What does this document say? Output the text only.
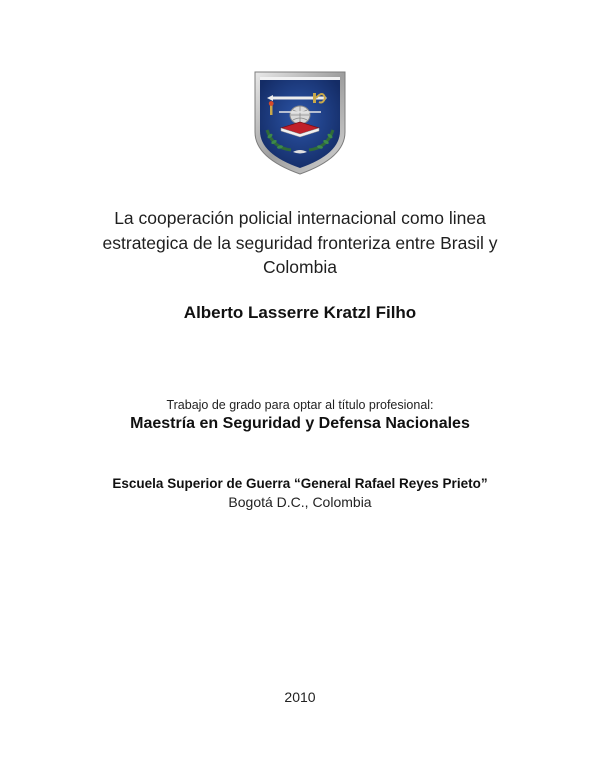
La cooperación policial internacional como linea
estrategica de la seguridad fronteriza entre Brasil y
Colombia
Alberto Lasserre Kratzl Filho
Trabajo de grado para optar al título profesional:
Maestría en Seguridad y Defensa Nacionales
Escuela Superior de Guerra “General Rafael Reyes Prieto”
Bogotá D.C., Colombia
2010
